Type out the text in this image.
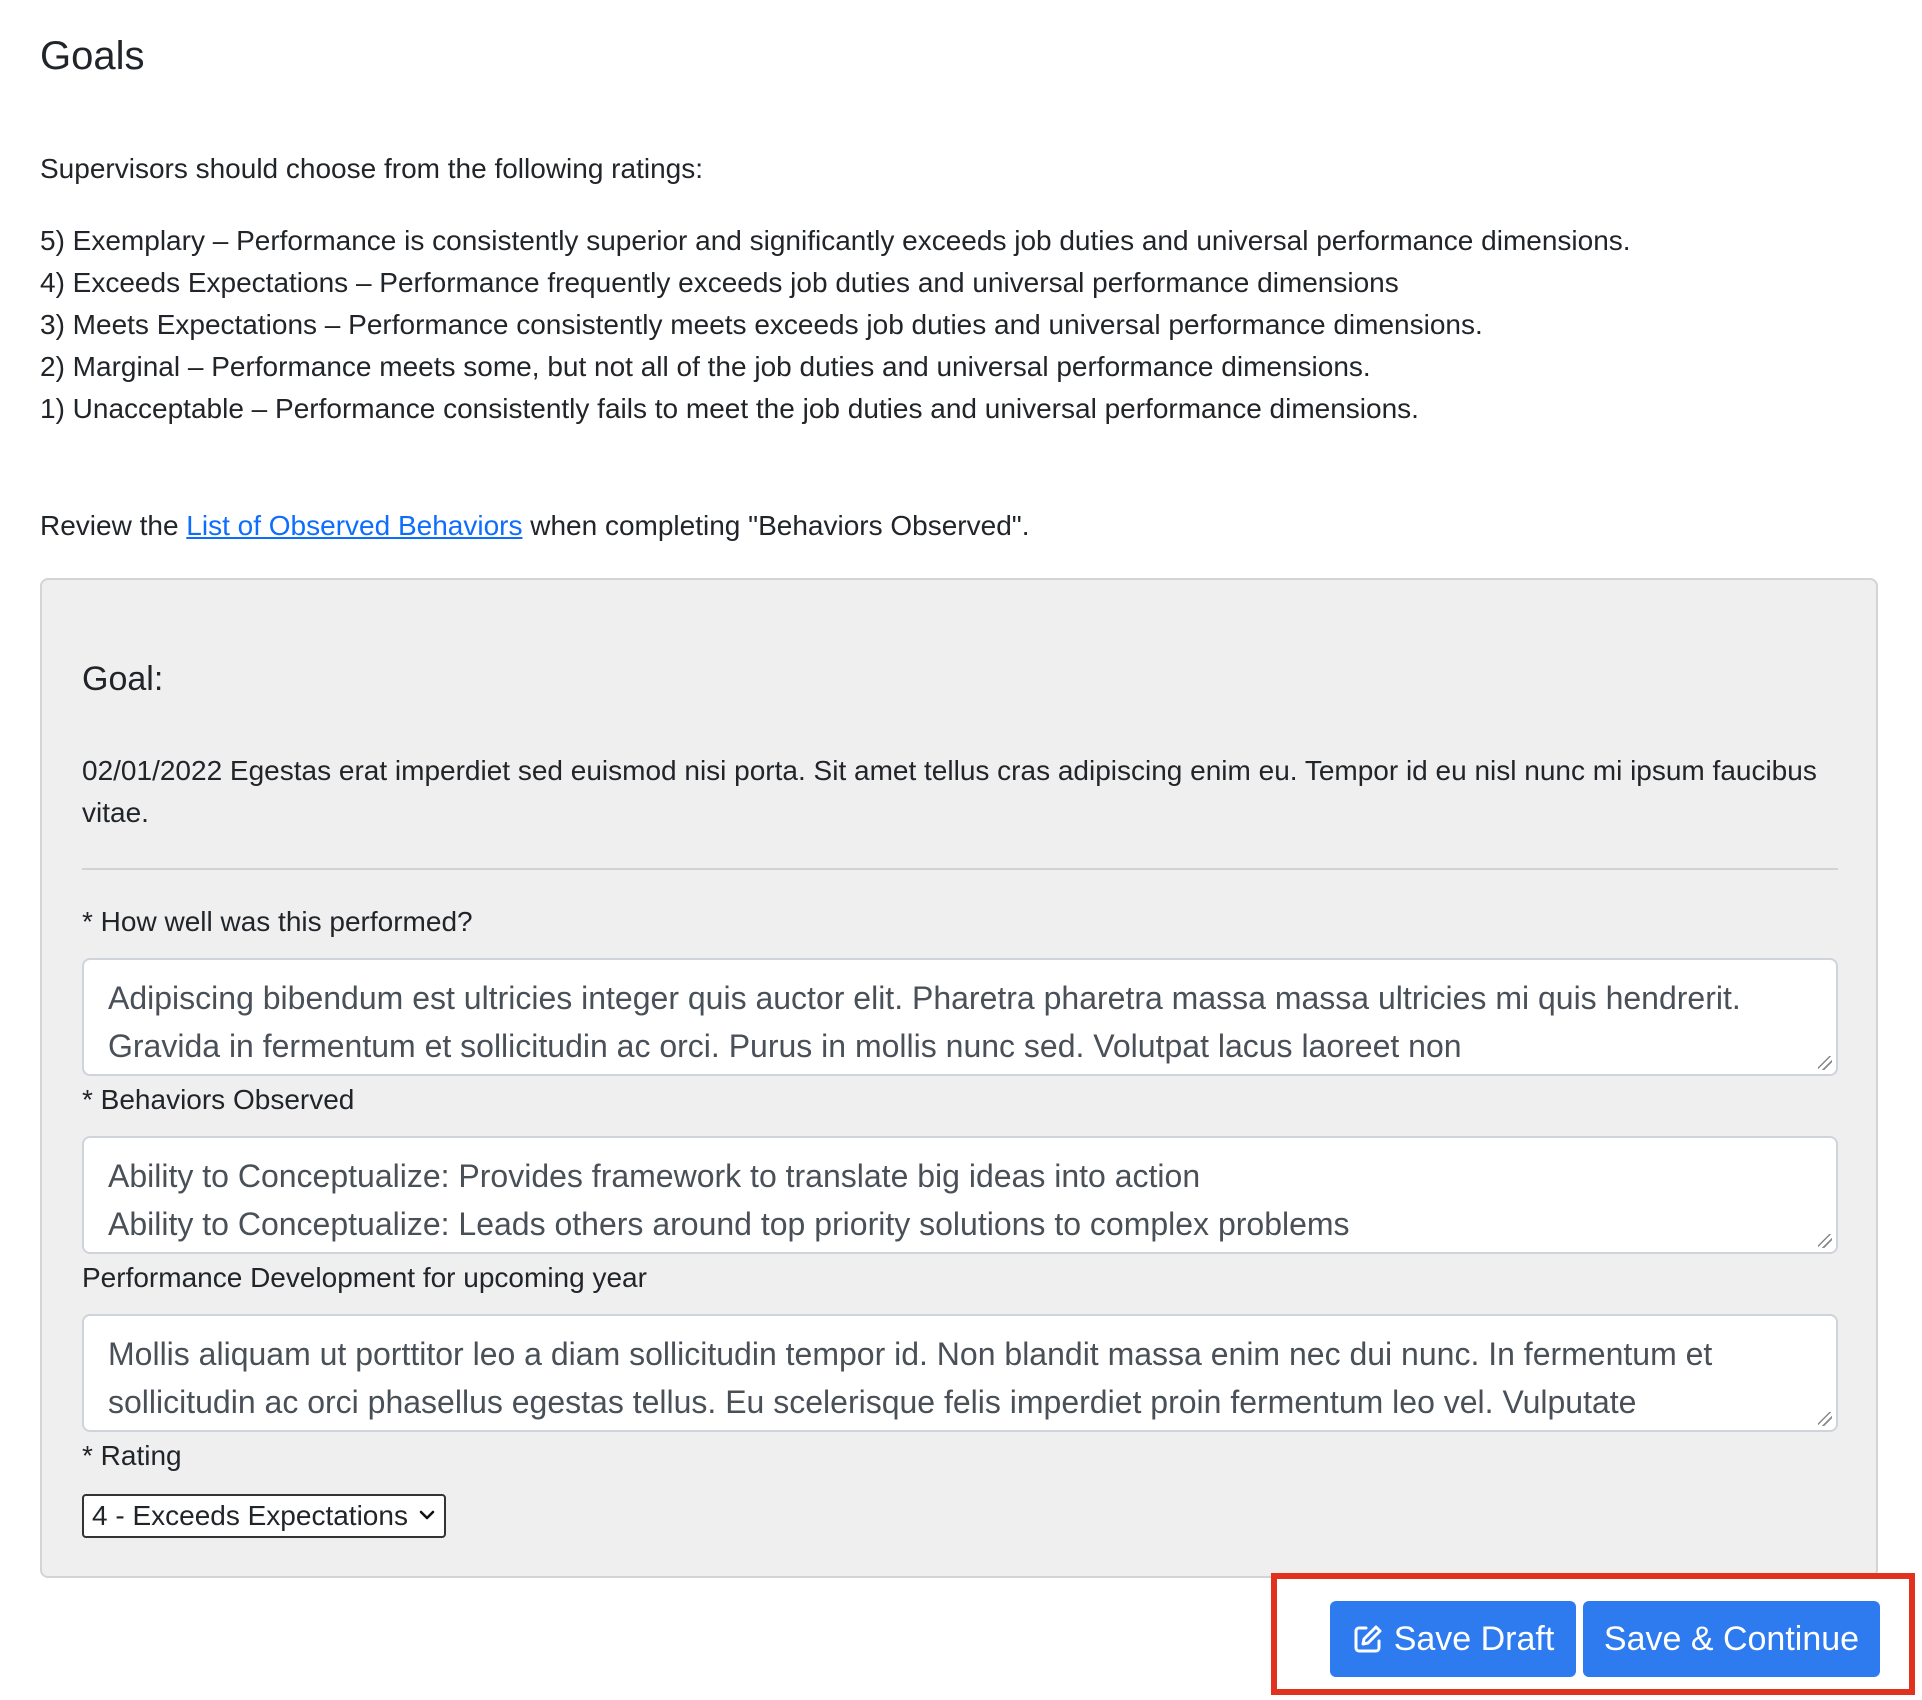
Goals
Supervisors should choose from the following ratings:
5) Exemplary – Performance is consistently superior and significantly exceeds job duties and universal performance dimensions.
4) Exceeds Expectations – Performance frequently exceeds job duties and universal performance dimensions
3) Meets Expectations – Performance consistently meets exceeds job duties and universal performance dimensions.
2) Marginal – Performance meets some, but not all of the job duties and universal performance dimensions.
1) Unacceptable – Performance consistently fails to meet the job duties and universal performance dimensions.
Review the List of Observed Behaviors when completing "Behaviors Observed".
Goal:
02/01/2022 Egestas erat imperdiet sed euismod nisi porta. Sit amet tellus cras adipiscing enim eu. Tempor id eu nisl nunc mi ipsum faucibus vitae.
* How well was this performed?
Adipiscing bibendum est ultricies integer quis auctor elit. Pharetra pharetra massa massa ultricies mi quis hendrerit. Gravida in fermentum et sollicitudin ac orci. Purus in mollis nunc sed. Volutpat lacus laoreet non
* Behaviors Observed
Ability to Conceptualize: Provides framework to translate big ideas into action
Ability to Conceptualize: Leads others around top priority solutions to complex problems
Performance Development for upcoming year
Mollis aliquam ut porttitor leo a diam sollicitudin tempor id. Non blandit massa enim nec dui nunc. In fermentum et sollicitudin ac orci phasellus egestas tellus. Eu scelerisque felis imperdiet proin fermentum leo vel. Vulputate
* Rating
4 - Exceeds Expectations
Save Draft Save & Continue
